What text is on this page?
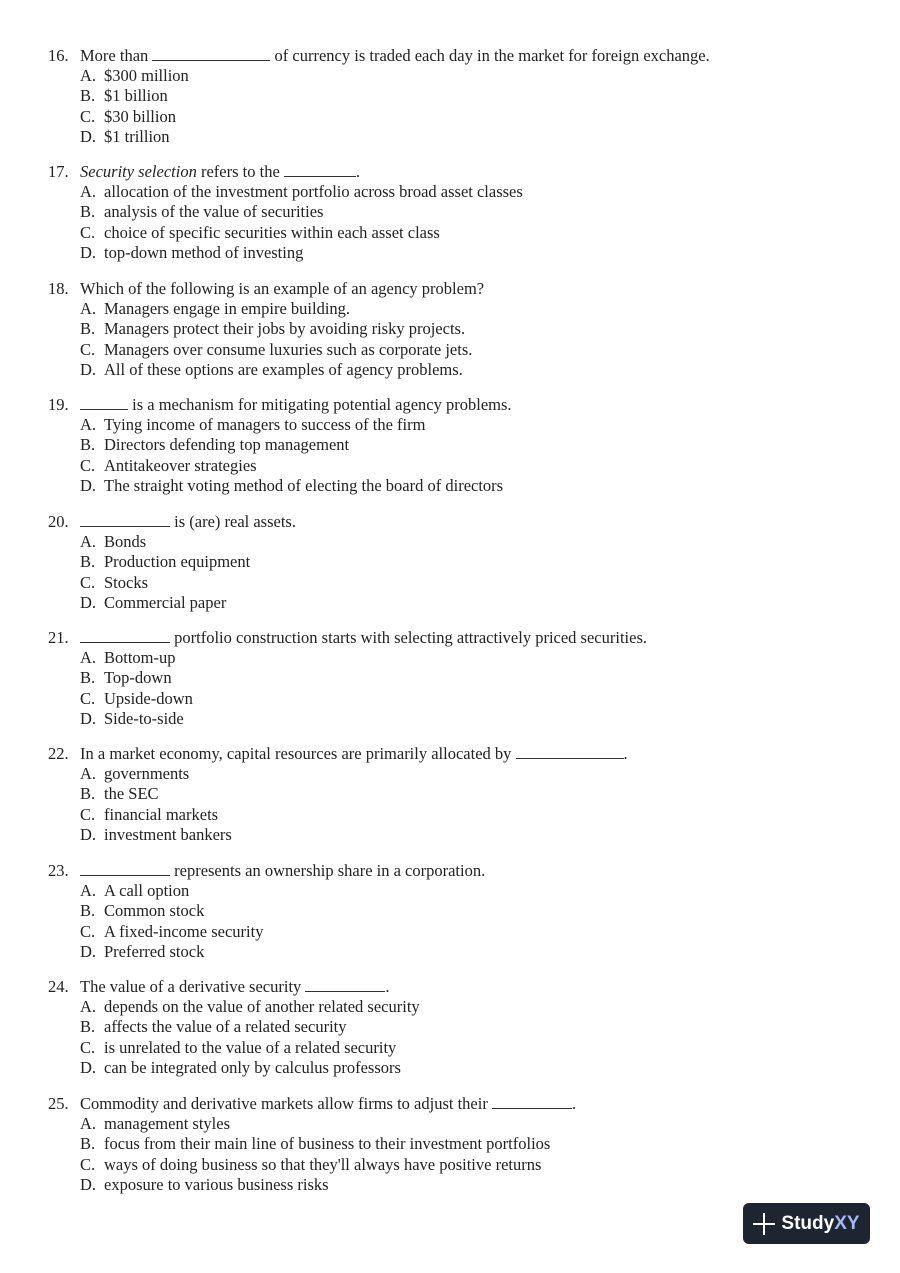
16. More than	of currency is traded each day in the market for foreign exchange.
A. $300 million
B. $1 billion
C. $30 billion
D. $1 trillion
17. Security selection refers to the	.
A. allocation of the investment portfolio across broad asset classes
B. analysis of the value of securities
C. choice of specific securities within each asset class
D. top-down method of investing
18. Which of the following is an example of an agency problem?
A. Managers engage in empire building.
B. Managers protect their jobs by avoiding risky projects.
C. Managers over consume luxuries such as corporate jets.
D. All of these options are examples of agency problems.
19.	is a mechanism for mitigating potential agency problems.
A. Tying income of managers to success of the firm
B. Directors defending top management
C. Antitakeover strategies
D. The straight voting method of electing the board of directors
20.	is (are) real assets.
A. Bonds
B. Production equipment
C. Stocks
D. Commercial paper
21.	portfolio construction starts with selecting attractively priced securities.
A. Bottom-up
B. Top-down
C. Upside-down
D. Side-to-side
22. In a market economy, capital resources are primarily allocated by	.
A. governments
B. the SEC
C. financial markets
D. investment bankers
23.	represents an ownership share in a corporation.
A. A call option
B. Common stock
C. A fixed-income security
D. Preferred stock
24. The value of a derivative security	.
A. depends on the value of another related security
B. affects the value of a related security
C. is unrelated to the value of a related security
D. can be integrated only by calculus professors
25. Commodity and derivative markets allow firms to adjust their	.
A. management styles
B. focus from their main line of business to their investment portfolios
C. ways of doing business so that they'll always have positive returns
D. exposure to various business risks
StudyXY
